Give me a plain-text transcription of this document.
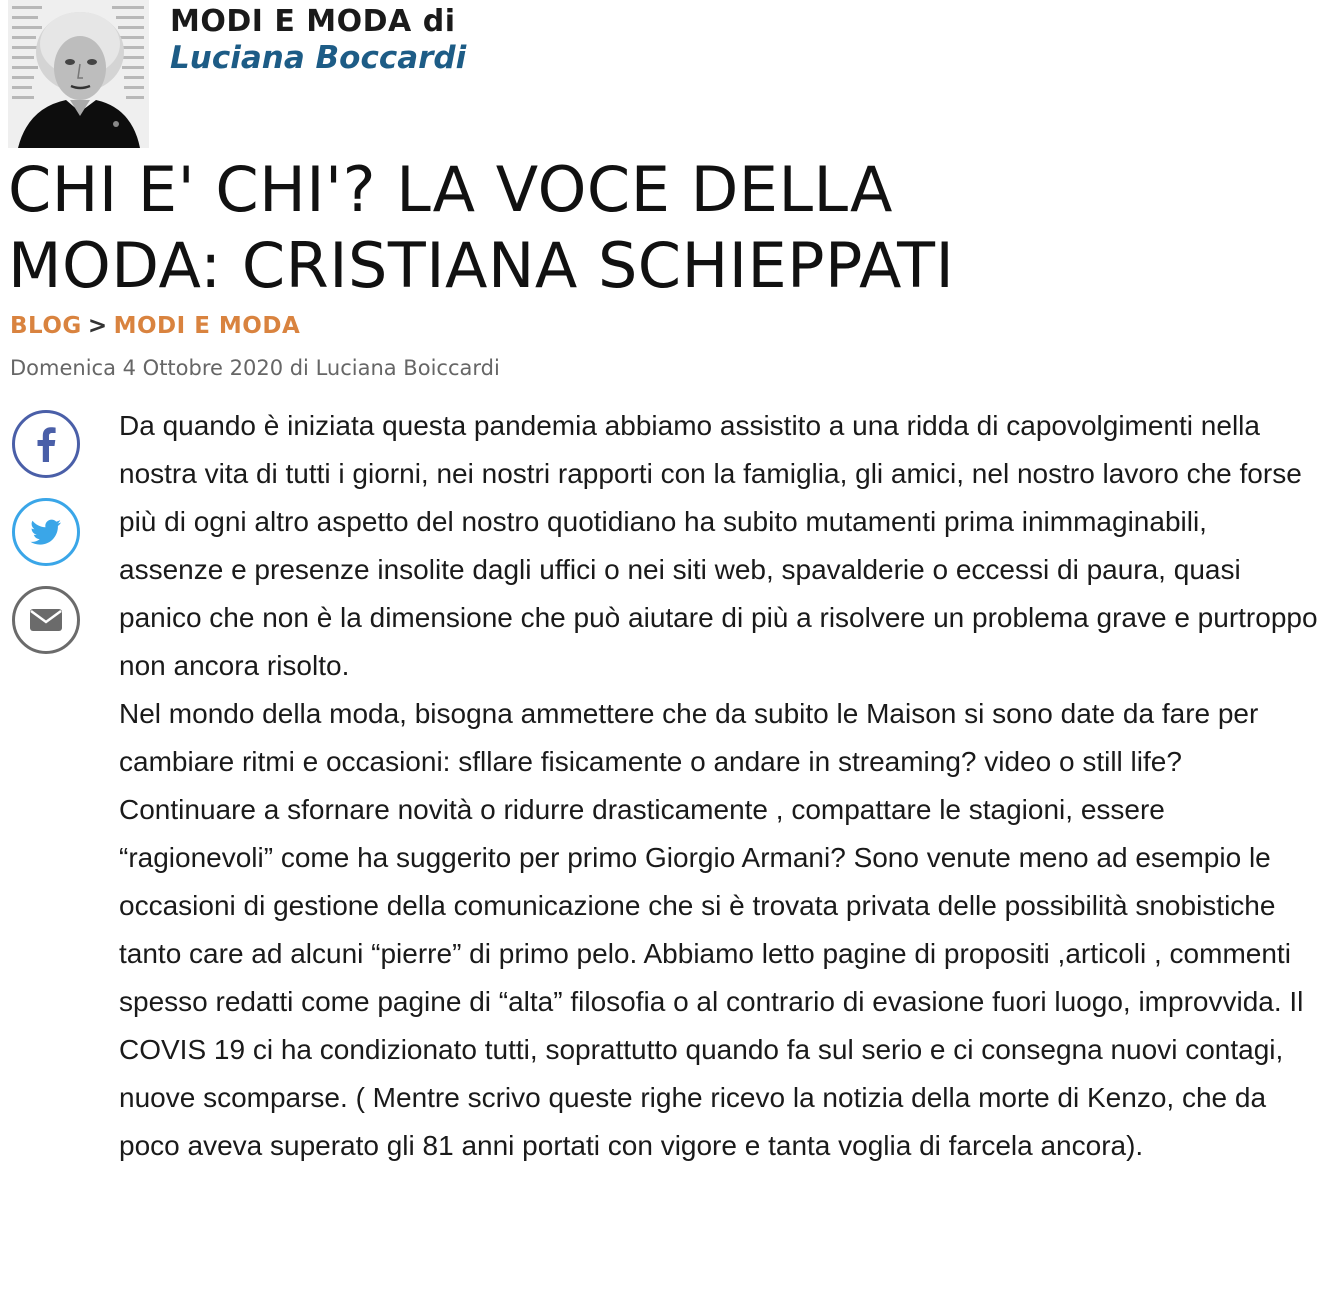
MODI E MODA di
Luciana Boccardi
CHI E' CHI'? LA VOCE DELLA MODA: CRISTIANA SCHIEPPATI
BLOG > MODI E MODA
Domenica 4 Ottobre 2020 di Luciana Boiccardi

Da quando è iniziata questa pandemia abbiamo assistito a una ridda di capovolgimenti nella nostra vita di tutti i giorni, nei nostri rapporti con la famiglia, gli amici, nel nostro lavoro che forse più di ogni altro aspetto del nostro quotidiano ha subito mutamenti prima inimmaginabili, assenze e presenze insolite dagli uffici o nei siti web, spavalderie o eccessi di paura, quasi panico che non è la dimensione che può aiutare di più a risolvere un problema grave e purtroppo non ancora risolto.

Nel mondo della moda, bisogna ammettere che da subito le Maison si sono date da fare per cambiare ritmi e occasioni: sfllare fisicamente o andare in streaming? video o still life? Continuare a sfornare novità o ridurre drasticamente , compattare le stagioni, essere “ragionevoli” come ha suggerito per primo Giorgio Armani? Sono venute meno ad esempio le occasioni di gestione della comunicazione che si è trovata privata delle possibilità snobistiche tanto care ad alcuni “pierre” di primo pelo. Abbiamo letto pagine di propositi ,articoli , commenti spesso redatti come pagine di “alta” filosofia o al contrario di evasione fuori luogo, improvvida. Il COVIS 19 ci ha condizionato tutti, soprattutto quando fa sul serio e ci consegna nuovi contagi, nuove scomparse. ( Mentre scrivo queste righe ricevo la notizia della morte di Kenzo, che da poco aveva superato gli 81 anni portati con vigore e tanta voglia di farcela ancora).
